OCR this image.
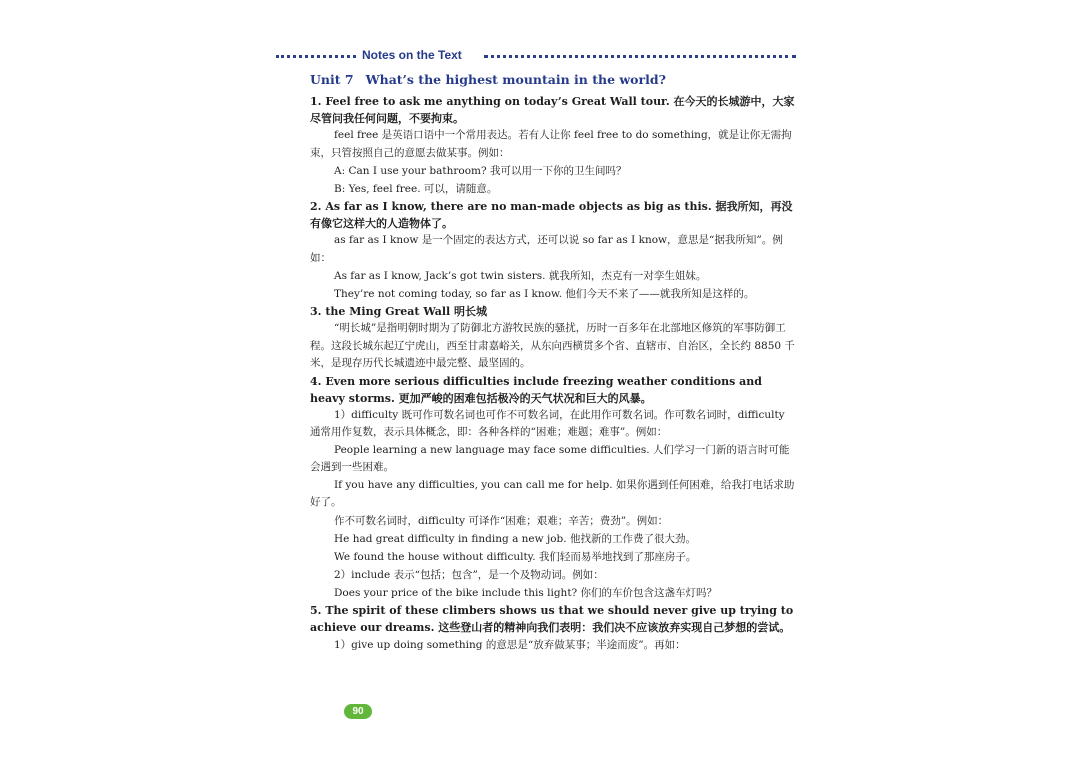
Notes on the Text
Unit 7 What’s the highest mountain in the world?

1. Feel free to ask me anything on today’s Great Wall tour. 在今天的长城游中，大家尽管问我任何问题，不要拘束。

feel free 是英语口语中一个常用表达。若有人让你 feel free to do something，就是让你无需拘束，只管按照自己的意愿去做某事。例如：

A: Can I use your bathroom? 我可以用一下你的卫生间吗？

B: Yes, feel free. 可以，请随意。

2. As far as I know, there are no man-made objects as big as this. 据我所知，再没有像它这样大的人造物体了。

as far as I know 是一个固定的表达方式，还可以说 so far as I know，意思是“据我所知”。例如：

As far as I know, Jack’s got twin sisters. 就我所知，杰克有一对孪生姐妹。

They’re not coming today, so far as I know. 他们今天不来了——就我所知是这样的。

3. the Ming Great Wall 明长城

“明长城”是指明朝时期为了防御北方游牧民族的骚扰，历时一百多年在北部地区修筑的军事防御工程。这段长城东起辽宁虎山，西至甘肃嘉峪关，从东向西横贯多个省、直辖市、自治区，全长约 8850 千米，是现存历代长城遗迹中最完整、最坚固的。

4. Even more serious difficulties include freezing weather conditions and heavy storms. 更加严峻的困难包括极冷的天气状况和巨大的风暴。

1）difficulty 既可作可数名词也可作不可数名词，在此用作可数名词。作可数名词时，difficulty 通常用作复数，表示具体概念，即：各种各样的“困难；难题；难事”。例如：

People learning a new language may face some difficulties. 人们学习一门新的语言时可能会遇到一些困难。

If you have any difficulties, you can call me for help. 如果你遇到任何困难，给我打电话求助好了。

作不可数名词时，difficulty 可译作“困难；艰难；辛苦；费劲”。例如：

He had great difficulty in finding a new job. 他找新的工作费了很大劲。

We found the house without difficulty. 我们轻而易举地找到了那座房子。

2）include 表示“包括；包含”，是一个及物动词。例如：

Does your price of the bike include this light? 你们的车价包含这盏车灯吗？

5. The spirit of these climbers shows us that we should never give up trying to achieve our dreams. 这些登山者的精神向我们表明：我们决不应该放弃实现自己梦想的尝试。

1）give up doing something 的意思是“放弃做某事；半途而废”。再如：

90
